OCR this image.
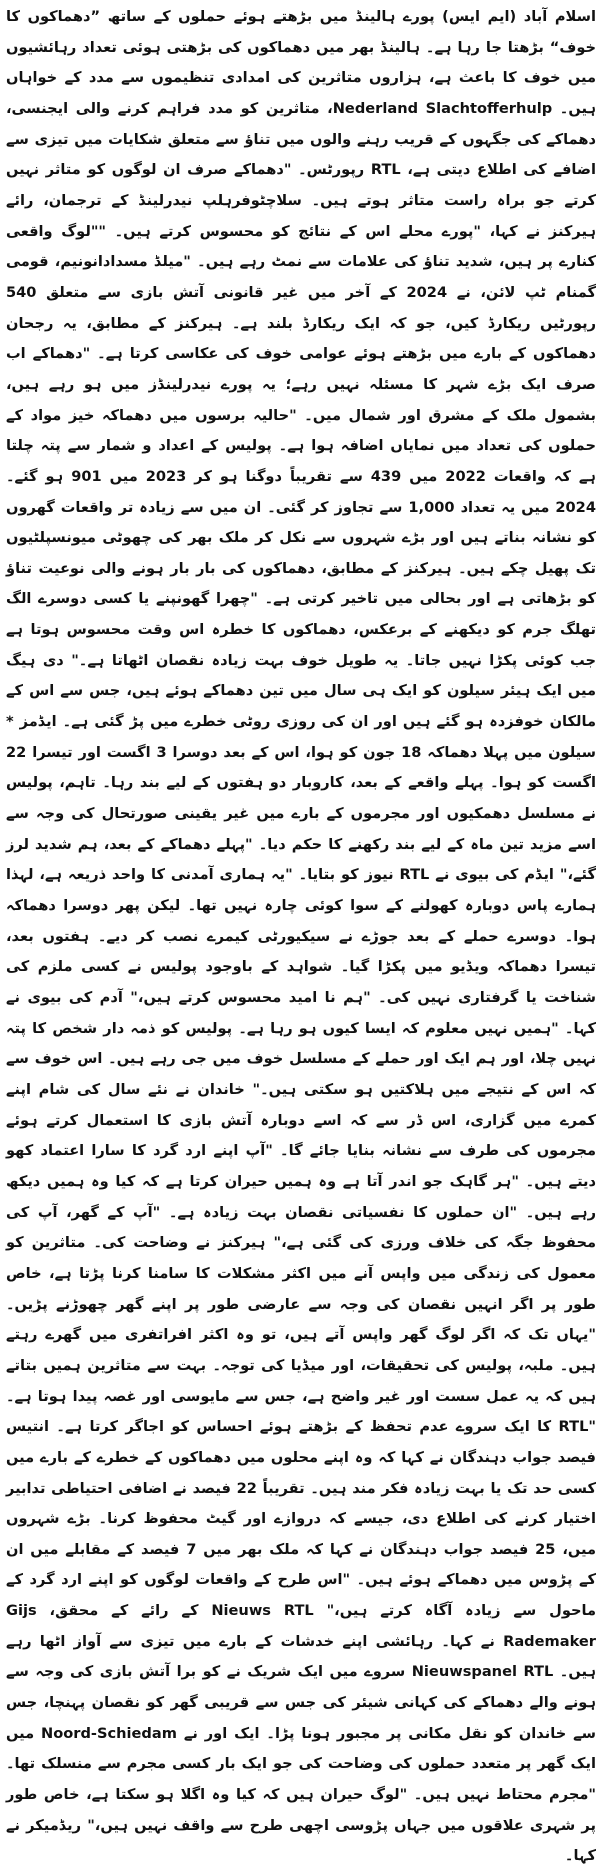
اسلام آباد (ایم ایس) پورے ہالینڈ میں بڑھتے ہوئے حملوں کے ساتھ ”دھماکوں کا خوف“ بڑھتا جا رہا ہے۔ ہالینڈ بھر میں دھماکوں کی بڑھتی ہوئی تعداد رہائشیوں میں خوف کا باعث ہے، ہزاروں متاثرین کی امدادی تنظیموں سے مدد کے خواہاں ہیں۔ Nederland Slachtofferhulp، متاثرین کو مدد فراہم کرنے والی ایجنسی، دھماکے کی جگہوں کے قریب رہنے والوں میں تناؤ سے متعلق شکایات میں تیزی سے اضافے کی اطلاع دیتی ہے، RTL رپورٹس۔ "دھماکے صرف ان لوگوں کو متاثر نہیں کرتے جو براہ راست متاثر ہوتے ہیں۔ سلاچٹوفرہلپ نیدرلینڈ کے ترجمان، رائے ہیرکنز نے کہا، "پورے محلے اس کے نتائج کو محسوس کرتے ہیں۔ ""لوگ واقعی کنارے پر ہیں، شدید تناؤ کی علامات سے نمٹ رہے ہیں۔ "میلڈ مسدادانونیم، قومی گمنام ٹپ لائن، نے 2024 کے آخر میں غیر قانونی آتش بازی سے متعلق 540 رپورٹیں ریکارڈ کیں، جو کہ ایک ریکارڈ بلند ہے۔ ہیرکنز کے مطابق، یہ رجحان دھماکوں کے بارے میں بڑھتے ہوئے عوامی خوف کی عکاسی کرتا ہے۔ "دھماکے اب صرف ایک بڑے شہر کا مسئلہ نہیں رہے؛ یہ پورے نیدرلینڈز میں ہو رہے ہیں، بشمول ملک کے مشرق اور شمال میں۔ "حالیہ برسوں میں دھماکہ خیز مواد کے حملوں کی تعداد میں نمایاں اضافہ ہوا ہے۔ پولیس کے اعداد و شمار سے پتہ چلتا ہے کہ واقعات 2022 میں 439 سے تقریباً دوگنا ہو کر 2023 میں 901 ہو گئے۔ 2024 میں یہ تعداد 1,000 سے تجاوز کر گئی۔ ان میں سے زیادہ تر واقعات گھروں کو نشانہ بناتے ہیں اور بڑے شہروں سے نکل کر ملک بھر کی چھوٹی میونسپلٹیوں تک پھیل چکے ہیں۔ ہیرکنز کے مطابق، دھماکوں کی بار بار ہونے والی نوعیت تناؤ کو بڑھاتی ہے اور بحالی میں تاخیر کرتی ہے۔ "چھرا گھونپنے یا کسی دوسرے الگ تھلگ جرم کو دیکھنے کے برعکس، دھماکوں کا خطرہ اس وقت محسوس ہوتا ہے جب کوئی پکڑا نہیں جاتا۔ یہ طویل خوف بہت زیادہ نقصان اٹھاتا ہے۔" دی ہیگ میں ایک ہیئر سیلون کو ایک ہی سال میں تین دھماکے ہوئے ہیں، جس سے اس کے مالکان خوفزدہ ہو گئے ہیں اور ان کی روزی روٹی خطرے میں پڑ گئی ہے۔ ایڈمز * سیلون میں پہلا دھماکہ 18 جون کو ہوا، اس کے بعد دوسرا 3 اگست اور تیسرا 22 اگست کو ہوا۔ پہلے واقعے کے بعد، کاروبار دو ہفتوں کے لیے بند رہا۔ تاہم، پولیس نے مسلسل دھمکیوں اور مجرموں کے بارے میں غیر یقینی صورتحال کی وجہ سے اسے مزید تین ماہ کے لیے بند رکھنے کا حکم دیا۔ "پہلے دھماکے کے بعد، ہم شدید لرز گئے،" ایڈم کی بیوی نے RTL نیوز کو بتایا۔ "یہ ہماری آمدنی کا واحد ذریعہ ہے، لہذا ہمارے پاس دوبارہ کھولنے کے سوا کوئی چارہ نہیں تھا۔ لیکن پھر دوسرا دھماکہ ہوا۔ دوسرے حملے کے بعد جوڑے نے سیکیورٹی کیمرے نصب کر دیے۔ ہفتوں بعد، تیسرا دھماکہ ویڈیو میں پکڑا گیا۔ شواہد کے باوجود پولیس نے کسی ملزم کی شناخت یا گرفتاری نہیں کی۔ "ہم نا امید محسوس کرتے ہیں،" آدم کی بیوی نے کہا۔ "ہمیں نہیں معلوم کہ ایسا کیوں ہو رہا ہے۔ پولیس کو ذمہ دار شخص کا پتہ نہیں چلا، اور ہم ایک اور حملے کے مسلسل خوف میں جی رہے ہیں۔ اس خوف سے کہ اس کے نتیجے میں ہلاکتیں ہو سکتی ہیں۔" خاندان نے نئے سال کی شام اپنے کمرے میں گزاری، اس ڈر سے کہ اسے دوبارہ آتش بازی کا استعمال کرتے ہوئے مجرموں کی طرف سے نشانہ بنایا جائے گا۔ "آپ اپنے ارد گرد کا سارا اعتماد کھو دیتے ہیں۔ "ہر گاہک جو اندر آتا ہے وہ ہمیں حیران کرتا ہے کہ کیا وہ ہمیں دیکھ رہے ہیں۔ "ان حملوں کا نفسیاتی نقصان بہت زیادہ ہے۔ "آپ کے گھر، آپ کی محفوظ جگہ کی خلاف ورزی کی گئی ہے،" ہیرکنز نے وضاحت کی۔ متاثرین کو معمول کی زندگی میں واپس آنے میں اکثر مشکلات کا سامنا کرنا پڑتا ہے، خاص طور پر اگر انہیں نقصان کی وجہ سے عارضی طور پر اپنے گھر چھوڑنے پڑیں۔ "یہاں تک کہ اگر لوگ گھر واپس آتے ہیں، تو وہ اکثر افراتفری میں گھرے رہتے ہیں۔ ملبہ، پولیس کی تحقیقات، اور میڈیا کی توجہ۔ بہت سے متاثرین ہمیں بتاتے ہیں کہ یہ عمل سست اور غیر واضح ہے، جس سے مایوسی اور غصہ پیدا ہوتا ہے۔ "RTL کا ایک سروے عدم تحفظ کے بڑھتے ہوئے احساس کو اجاگر کرتا ہے۔ انتیس فیصد جواب دہندگان نے کہا کہ وہ اپنے محلوں میں دھماکوں کے خطرے کے بارے میں کسی حد تک یا بہت زیادہ فکر مند ہیں۔ تقریباً 22 فیصد نے اضافی احتیاطی تدابیر اختیار کرنے کی اطلاع دی، جیسے کہ دروازے اور گیٹ محفوظ کرنا۔ بڑے شہروں میں، 25 فیصد جواب دہندگان نے کہا کہ ملک بھر میں 7 فیصد کے مقابلے میں ان کے پڑوس میں دھماکے ہوئے ہیں۔ "اس طرح کے واقعات لوگوں کو اپنے ارد گرد کے ماحول سے زیادہ آگاہ کرتے ہیں،" Nieuws RTL کے رائے کے محقق، Gijs Rademaker نے کہا۔ رہائشی اپنے خدشات کے بارے میں تیزی سے آواز اٹھا رہے ہیں۔ Nieuwspanel RTL سروے میں ایک شریک نے کو برا آتش بازی کی وجہ سے ہونے والے دھماکے کی کہانی شیئر کی جس سے قریبی گھر کو نقصان پہنچا، جس سے خاندان کو نقل مکانی پر مجبور ہونا پڑا۔ ایک اور نے Noord-Schiedam میں ایک گھر پر متعدد حملوں کی وضاحت کی جو ایک بار کسی مجرم سے منسلک تھا۔ "مجرم محتاط نہیں ہیں۔ "لوگ حیران ہیں کہ کیا وہ اگلا ہو سکتا ہے، خاص طور پر شہری علاقوں میں جہاں پڑوسی اچھی طرح سے واقف نہیں ہیں،" ریڈمیکر نے کہا۔
